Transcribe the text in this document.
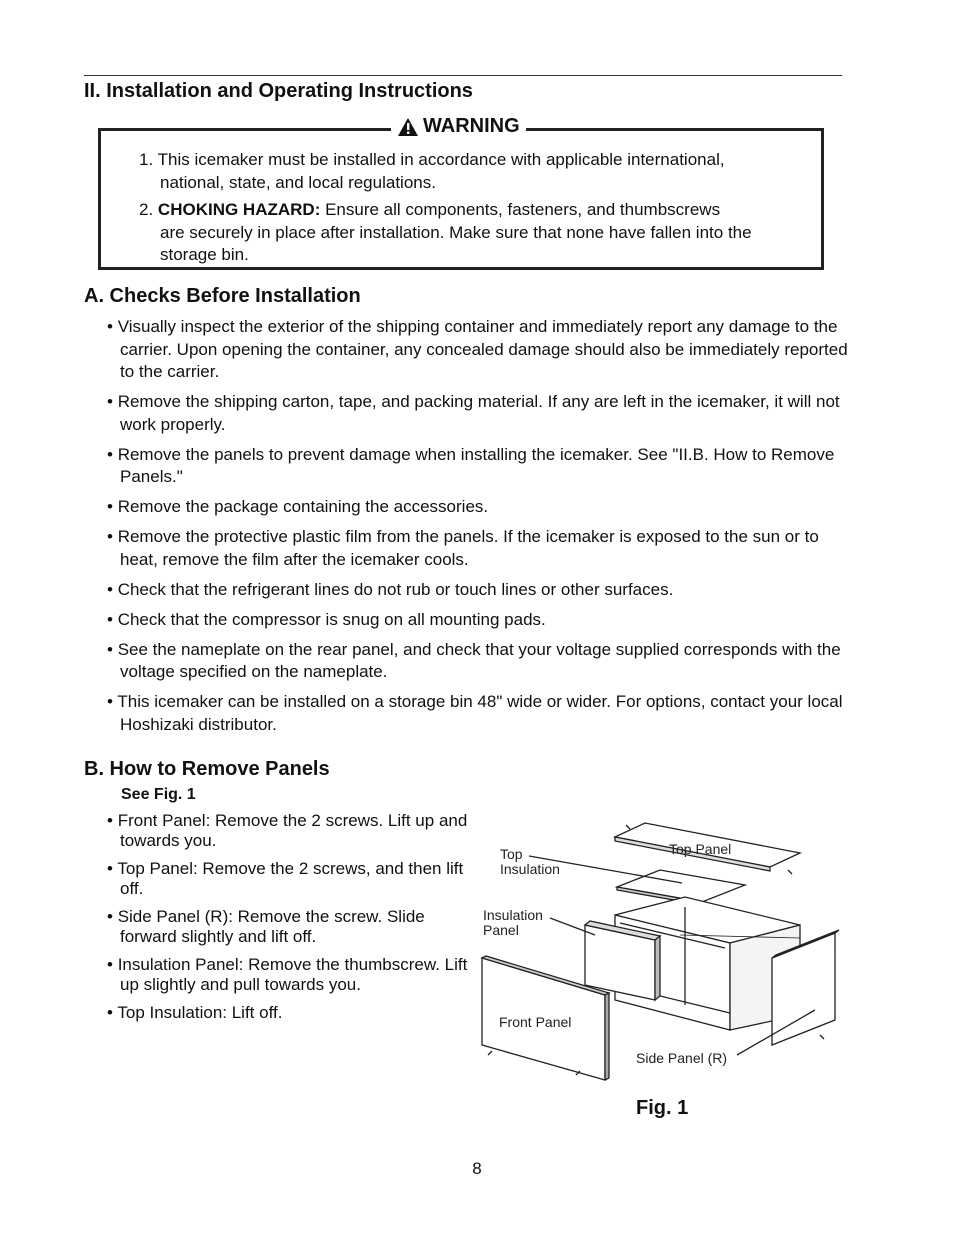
II. Installation and Operating Instructions
WARNING
1. This icemaker must be installed in accordance with applicable international,
national, state, and local regulations.
2. CHOKING HAZARD: Ensure all components, fasteners, and thumbscrews
are securely in place after installation. Make sure that none have fallen into the storage bin.
A. Checks Before Installation
• Visually inspect the exterior of the shipping container and immediately report any damage to the carrier. Upon opening the container, any concealed damage should also be immediately reported to the carrier.
• Remove the shipping carton, tape, and packing material. If any are left in the icemaker, it will not work properly.
• Remove the panels to prevent damage when installing the icemaker. See "II.B. How to Remove Panels."
• Remove the package containing the accessories.
• Remove the protective plastic film from the panels. If the icemaker is exposed to the sun or to heat, remove the film after the icemaker cools.
• Check that the refrigerant lines do not rub or touch lines or other surfaces.
• Check that the compressor is snug on all mounting pads.
• See the nameplate on the rear panel, and check that your voltage supplied corresponds with the voltage specified on the nameplate.
• This icemaker can be installed on a storage bin 48" wide or wider. For options, contact your local Hoshizaki distributor.
B. How to Remove Panels
See Fig. 1
• Front Panel: Remove the 2 screws. Lift up and towards you.
• Top Panel: Remove the 2 screws, and then lift off.
• Side Panel (R): Remove the screw. Slide forward slightly and lift off.
• Insulation Panel: Remove the thumbscrew. Lift up slightly and pull towards you.
• Top Insulation: Lift off.
Top Panel
Top
Insulation
Insulation
Panel
Front Panel
Side Panel (R)
Fig. 1
8
